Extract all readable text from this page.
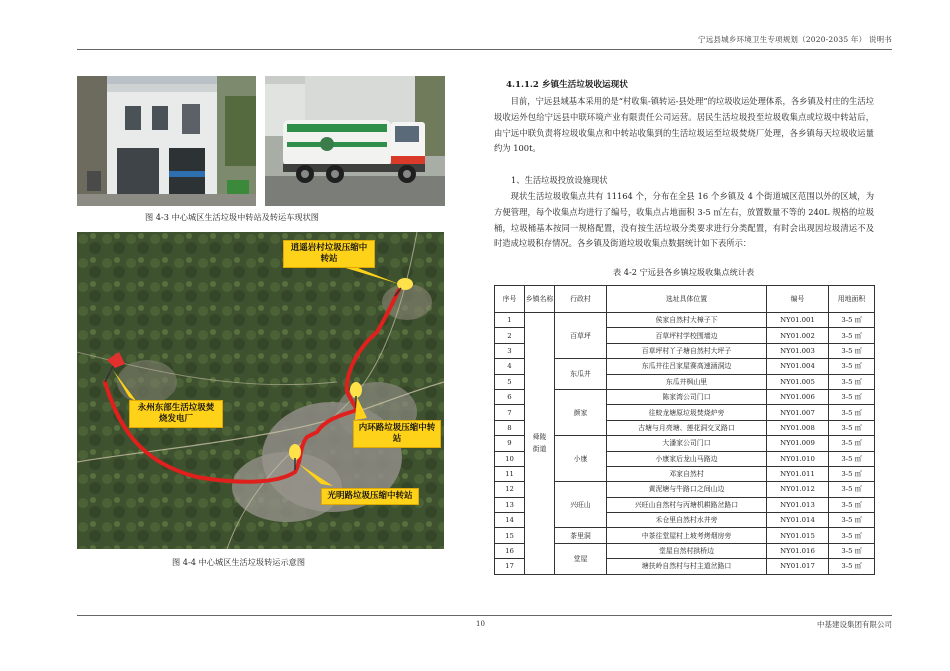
宁远县城乡环境卫生专项规划（2020-2035 年） 说明书
图 4-3 中心城区生活垃圾中转站及转运车现状图
逍遥岩村垃圾压缩中转站
永州东部生活垃圾焚烧发电厂
内环路垃圾压缩中转站
光明路垃圾压缩中转站
图 4-4 中心城区生活垃圾转运示意图
4.1.1.2 乡镇生活垃圾收运现状
目前，宁远县域基本采用的是“村收集-镇转运-县处理”的垃圾收运处理体系，各乡镇及村庄的生活垃圾收运外包给宁远县中联环境产业有限责任公司运营。居民生活垃圾投至垃圾收集点或垃圾中转站后，由宁远中联负责将垃圾收集点和中转站收集到的生活垃圾运至垃圾焚烧厂处理，各乡镇每天垃圾收运量约为 100t。
1、生活垃圾投放设施现状
现状生活垃圾收集点共有 11164 个，分布在全县 16 个乡镇及 4 个街道城区范围以外的区域，为方便管理，每个收集点均进行了编号，收集点占地面积 3-5 ㎡左右，放置数量不等的 240L 规格的垃圾桶，垃圾桶基本按同一规格配置，没有按生活垃圾分类要求进行分类配置，有时会出现因垃圾清运不及时造成垃圾积存情况。各乡镇及街道垃圾收集点数据统计如下表所示：
表 4-2 宁远县各乡镇垃圾收集点统计表
序号	乡镇名称	行政村	选址具体位置	编号	用地面积
1	舜陵街道	百草坪	侯家自然村大樟子下	NY01.001	3-5 ㎡
2			百草坪村学校围墙边	NY01.002	3-5 ㎡
3			百草坪村丫子塘自然村大坪子	NY01.003	3-5 ㎡
4		东瓜井	东瓜井往吕家屋赛高速涵洞边	NY01.004	3-5 ㎡
5			东瓜井枫山里	NY01.005	3-5 ㎡
6		颜家	陈家湾公司门口	NY01.006	3-5 ㎡
7			往蛟龙塘原垃圾焚烧炉旁	NY01.007	3-5 ㎡
8			古塘与月亮塘、莲花洞交叉路口	NY01.008	3-5 ㎡
9		小康	大潘家公司门口	NY01.009	3-5 ㎡
10			小康家后龙山马路边	NY01.010	3-5 ㎡
11			邓家自然村	NY01.011	3-5 ㎡
12		兴旺山	黄泥塘与牛路口之间山边	NY01.012	3-5 ㎡
13			兴旺山自然村与丙塘机耕路岔路口	NY01.013	3-5 ㎡
14			禾仓里自然村水井旁	NY01.014	3-5 ㎡
15		茶里洞	中茶往堂屋村上坡考烤烟房旁	NY01.015	3-5 ㎡
16		堂屋	堂屋自然村拱桥边	NY01.016	3-5 ㎡
17			塘扶岭自然村与村主道岔路口	NY01.017	3-5 ㎡
10	中基建设集团有限公司
